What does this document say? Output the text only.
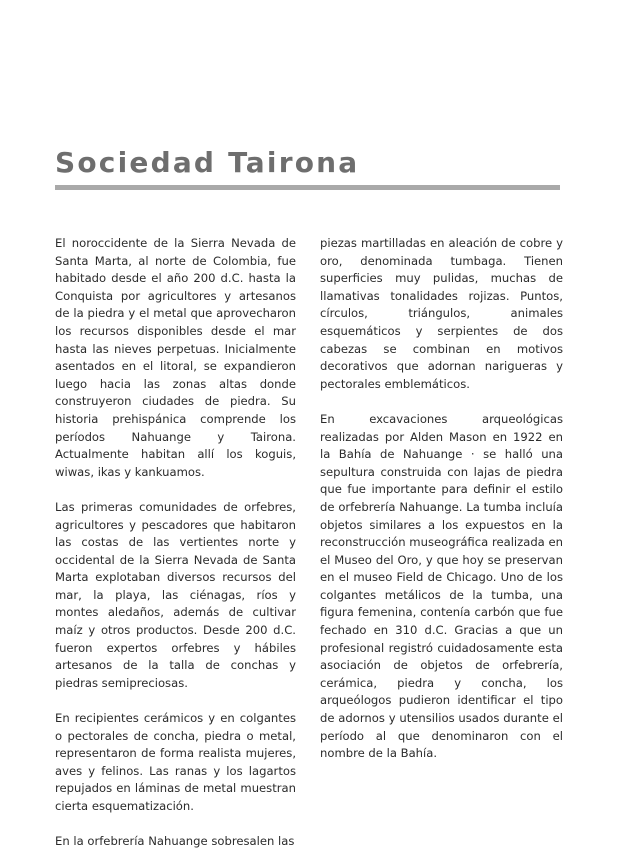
Sociedad Tairona

El noroccidente de la Sierra Nevada de Santa Marta, al norte de Colombia, fue habitado desde el año 200 d.C. hasta la Conquista por agricultores y artesanos de la piedra y el metal que aprovecharon los recursos disponibles desde el mar hasta las nieves perpetuas. Inicialmente asentados en el litoral, se expandieron luego hacia las zonas altas donde construyeron ciudades de piedra. Su historia prehispánica comprende los períodos Nahuange y Tairona. Actualmente habitan allí los koguis, wiwas, ikas y kankuamos.

Las primeras comunidades de orfebres, agricultores y pescadores que habitaron las costas de las vertientes norte y occidental de la Sierra Nevada de Santa Marta explotaban diversos recursos del mar, la playa, las ciénagas, ríos y montes aledaños, además de cultivar maíz y otros productos. Desde 200 d.C. fueron expertos orfebres y hábiles artesanos de la talla de conchas y piedras semipreciosas.

En recipientes cerámicos y en colgantes o pectorales de concha, piedra o metal, representaron de forma realista mujeres, aves y felinos. Las ranas y los lagartos repujados en láminas de metal muestran cierta esquematización.

En la orfebrería Nahuange sobresalen las

piezas martilladas en aleación de cobre y oro, denominada tumbaga. Tienen superficies muy pulidas, muchas de llamativas tonalidades rojizas. Puntos, círculos, triángulos, animales esquemáticos y serpientes de dos cabezas se combinan en motivos decorativos que adornan narigueras y pectorales emblemáticos.

En excavaciones arqueológicas realizadas por Alden Mason en 1922 en la Bahía de Nahuange · se halló una sepultura construida con lajas de piedra que fue importante para definir el estilo de orfebrería Nahuange. La tumba incluía objetos similares a los expuestos en la reconstrucción museográfica realizada en el Museo del Oro, y que hoy se preservan en el museo Field de Chicago. Uno de los colgantes metálicos de la tumba, una figura femenina, contenía carbón que fue fechado en 310 d.C. Gracias a que un profesional registró cuidadosamente esta asociación de objetos de orfebrería, cerámica, piedra y concha, los arqueólogos pudieron identificar el tipo de adornos y utensilios usados durante el período al que denominaron con el nombre de la Bahía.
